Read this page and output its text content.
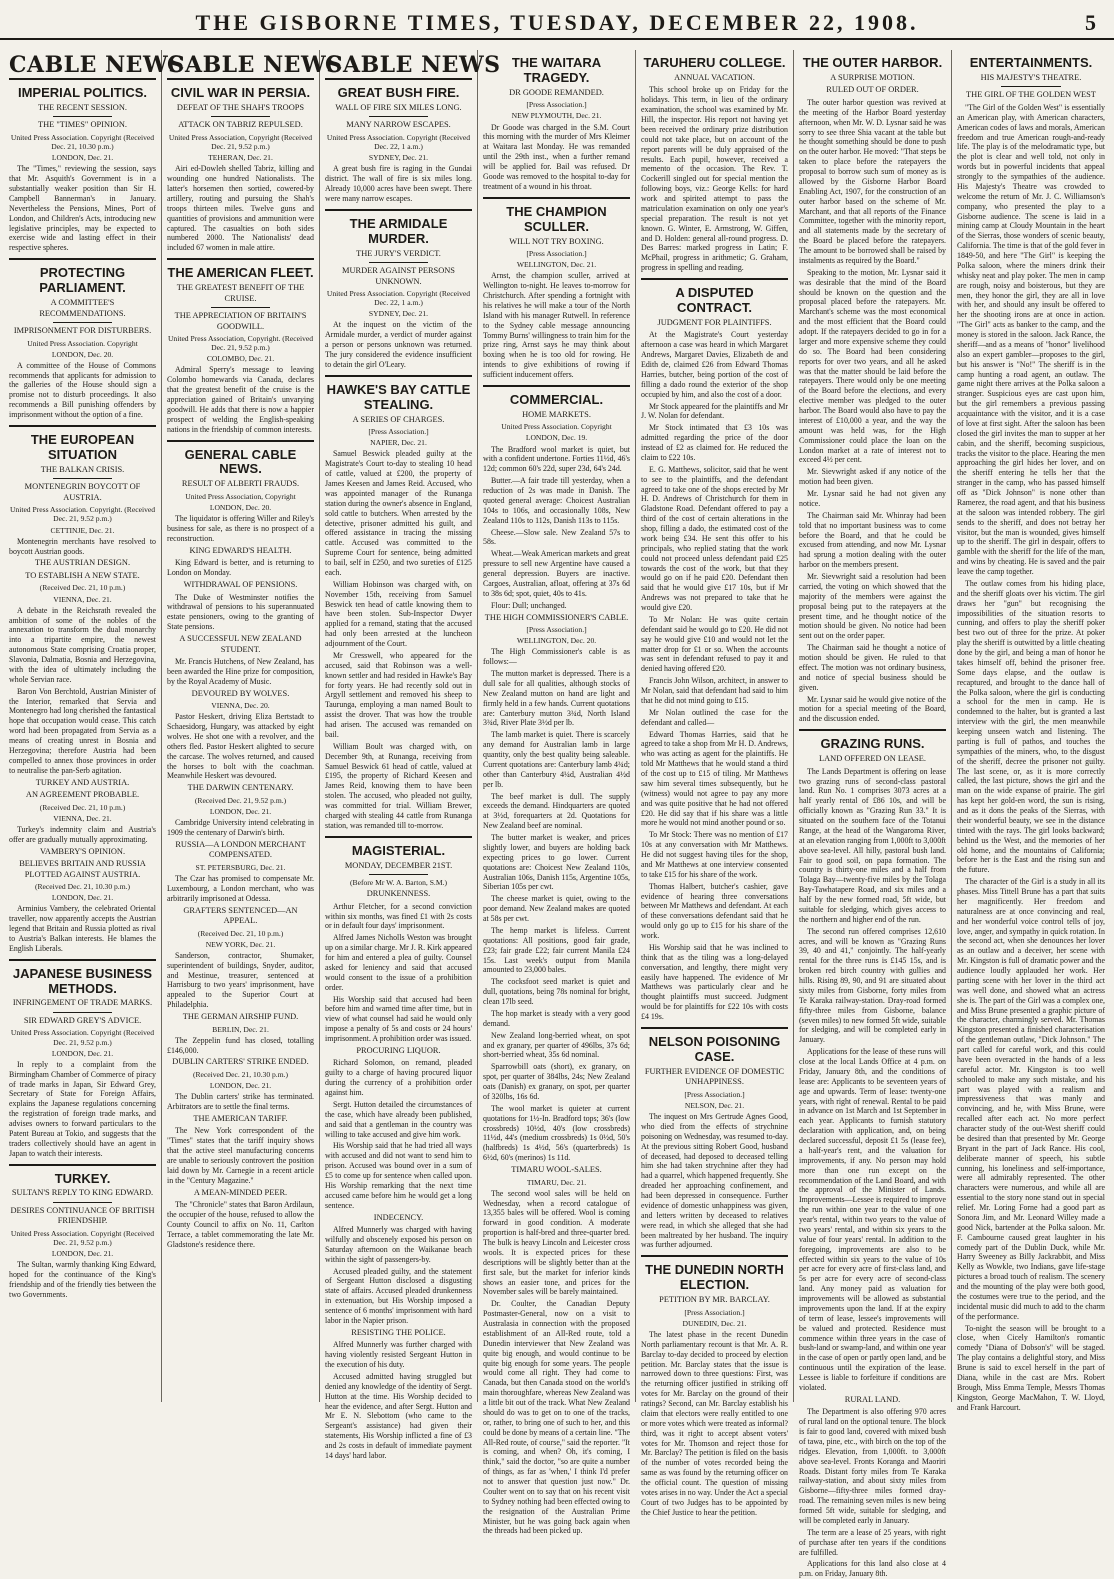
THE GISBORNE TIMES, TUESDAY, DECEMBER 22, 1908.	5
CABLE NEWS
IMPERIAL POLITICS.
THE RECENT SESSION.
THE "TIMES" OPINION.
United Press Association. Copyright (Received Dec. 21, 10.30 p.m.)
LONDON, Dec. 21.

The "Times," reviewing the session, says that Mr. Asquith's Government is in a substantially weaker position than Sir H. Campbell Bannerman's in January. Nevertheless the Pensions, Mines, Port of London, and Children's Acts, introducing new legislative principles, may be expected to exercise wide and lasting effect in their respective spheres.

PROTECTING PARLIAMENT.
A COMMITTEE'S RECOMMENDATIONS.
IMPRISONMENT FOR DISTURBERS.
United Press Association. Copyright
LONDON, Dec. 20.

A committee of the House of Commons recommends that applicants for admission to the galleries of the House should sign a promise not to disturb proceedings. It also recommends a Bill punishing offenders by imprisonment without the option of a fine.

THE EUROPEAN SITUATION
THE BALKAN CRISIS.
MONTENEGRIN BOYCOTT OF AUSTRIA.
United Press Association. Copyright. (Received Dec. 21, 9.52 p.m.)
CETTINJE, Dec. 21.

Montenegrin merchants have resolved to boycott Austrian goods.

THE AUSTRIAN DESIGN.
TO ESTABLISH A NEW STATE.
(Received Dec. 21, 10 p.m.)
VIENNA, Dec. 21.

A debate in the Reichsrath revealed the ambition of some of the nobles of the annexation to transform the dual monarchy into a tripartite empire, the newest autonomous State comprising Croatia proper, Slavonia, Dalmatia, Bosnia and Herzegovina, with the idea of ultimately including the whole Servian race.

Baron Von Berchtold, Austrian Minister of the Interior, remarked that Servia and Montenegro had long cherished the fantastical hope that occupation would cease. This catch word had been propagated from Servia as a means of creating unrest in Bosnia and Herzegovina; therefore Austria had been compelled to annex those provinces in order to neutralise the pan-Serb agitation.

TURKEY AND AUSTRIA.
AN AGREEMENT PROBABLE.
(Received Dec. 21, 10 p.m.)
VIENNA, Dec. 21.

Turkey's indemnity claim and Austria's offer are gradually mutually approximating.

VAMBERY'S OPINION.
BELIEVES BRITAIN AND RUSSIA PLOTTED AGAINST AUSTRIA.
(Received Dec. 21, 10.30 p.m.)
LONDON, Dec. 21.

Arminius Vambery, the celebrated Oriental traveller, now apparently accepts the Austrian legend that Britain and Russia plotted as rival to Austria's Balkan interests. He blames the English Liberals.

JAPANESE BUSINESS METHODS.
INFRINGEMENT OF TRADE MARKS.
SIR EDWARD GREY'S ADVICE.
United Press Association. Copyright (Received Dec. 21, 9.52 p.m.)
LONDON, Dec. 21.

In reply to a complaint from the Birmingham Chamber of Commerce of piracy of trade marks in Japan, Sir Edward Grey, Secretary of State for Foreign Affairs, explains the Japanese regulations concerning the registration of foreign trade marks, and advises owners to forward particulars to the Patent Bureau at Tokio, and suggests that the traders collectively should have an agent in Japan to watch their interests.

TURKEY.
SULTAN'S REPLY TO KING EDWARD.
DESIRES CONTINUANCE OF BRITISH FRIENDSHIP.
United Press Association. Copyright (Received Dec. 21, 9.52 p.m.)
LONDON, Dec. 21.

The Sultan, warmly thanking King Edward, hoped for the continuance of the King's friendship and of the friendly ties between the two Governments.

CABLE NEWS
CIVIL WAR IN PERSIA.
DEFEAT OF THE SHAH'S TROOPS
ATTACK ON TABRIZ REPULSED.
United Press Association, Copyright (Received Dec. 21, 9.52 p.m.)
TEHERAN, Dec. 21.

Airi ed-Dowleh shelled Tabriz, killing and wounding one hundred Nationalists. The latter's horsemen then sortied, cowered-by artillery, routing and pursuing the Shah's troops thirteen miles. Twelve guns and quantities of provisions and ammunition were captured. The casualties on both sides numbered 2000. The Nationalists' dead included 67 women in male attire.

THE AMERICAN FLEET.
THE GREATEST BENEFIT OF THE CRUISE.
THE APPRECIATION OF BRITAIN'S GOODWILL.
United Press Association, Copyright. (Received Dec. 21, 9.52 p.m.)
COLOMBO, Dec. 21.

Admiral Sperry's message to leaving Colombo homewards via Canada, declares that the greatest benefit of the cruise is the appreciation gained of Britain's unvarying goodwill. He adds that there is now a happier prospect of welding the English-speaking nations in the friendship of common interests.

GENERAL CABLE NEWS.
RESULT OF ALBERTI FRAUDS.
United Press Association, Copyright
LONDON, Dec. 20.

The liquidator is offering Willer and Riley's business for sale, as there is no prospect of a reconstruction.

KING EDWARD'S HEALTH.

King Edward is better, and is returning to London on Monday.

WITHDRAWAL OF PENSIONS.

The Duke of Westminster notifies the withdrawal of pensions to his superannuated estate pensioners, owing to the granting of State pensions.

A SUCCESSFUL NEW ZEALAND STUDENT.

Mr. Francis Hutchens, of New Zealand, has been awarded the Hine prize for composition, by the Royal Academy of Music.

DEVOURED BY WOLVES.
VIENNA, Dec. 20.

Pastor Heskert, driving Eliza Bertstadt to Schaesidorg, Hungary, was attacked by eight wolves. He shot one with a revolver, and the others fled. Pastor Heskert alighted to secure the carcase. The wolves returned, and caused the horses to bolt with the coachman. Meanwhile Heskert was devoured.

THE DARWIN CENTENARY.
(Received Dec. 21, 9.52 p.m.)
LONDON, Dec. 21.

Cambridge University intend celebrating in 1909 the centenary of Darwin's birth.

RUSSIA—A LONDON MERCHANT COMPENSATED.
ST. PETERSBURG, Dec. 21.

The Czar has promised to compensate Mr. Luxembourg, a London merchant, who was arbitrarily imprisoned at Odessa.

GRAFTERS SENTENCED—AN APPEAL.
(Received Dec. 21, 10 p.m.)
NEW YORK, Dec. 21.

Sanderson, contractor, Shumaker, superintendent of buildings, Snyder, auditor, and Mestinue, treasurer, sentenced at Harrisburg to two years' imprisonment, have appealed to the Superior Court at Philadelphia.

THE GERMAN AIRSHIP FUND.
BERLIN, Dec. 21.

The Zeppelin fund has closed, totalling £146,000.

DUBLIN CARTERS' STRIKE ENDED.
(Received Dec. 21, 10.30 p.m.)
LONDON, Dec. 21.

The Dublin carters' strike has terminated. Arbitrators are to settle the final terms.

THE AMERICAN TARIFF.

The New York correspondent of the "Times" states that the tariff inquiry shows that the active steel manufacturing concerns are unable to seriously controvert the position laid down by Mr. Carnegie in a recent article in the "Century Magazine."

A MEAN-MINDED PEER.

The "Chronicle" states that Baron Ardilaun, the occupier of the house, refused to allow the County Council to affix on No. 11, Carlton Terrace, a tablet commemorating the late Mr. Gladstone's residence there.

CABLE NEWS
GREAT BUSH FIRE.
WALL OF FIRE SIX MILES LONG.
MANY NARROW ESCAPES.
United Press Association. Copyright (Received Dec. 22, 1 a.m.)
SYDNEY, Dec. 21.

A great bush fire is raging in the Gundai district. The wall of fire is six miles long. Already 10,000 acres have been swept. There were many narrow escapes.

THE ARMIDALE MURDER.
THE JURY'S VERDICT.
MURDER AGAINST PERSONS UNKNOWN.
United Press Association. Copyright (Received Dec. 22, 1 a.m.)
SYDNEY, Dec. 21.

At the inquest on the victim of the Armidale murder, a verdict of murder against a person or persons unknown was returned. The jury considered the evidence insufficient to detain the girl O'Leary.

HAWKE'S BAY CATTLE STEALING.
A SERIES OF CHARGES.
[Press Association.]
NAPIER, Dec. 21.

Samuel Beswick pleaded guilty at the Magistrate's Court to-day to stealing 10 head of cattle, valued at £200, the property of James Keesen and James Reid. Accused, who was appointed manager of the Runanga station during the owner's absence in England, sold cattle to butchers. When arrested by the detective, prisoner admitted his guilt, and offered assistance in tracing the missing cattle. Accused was committed to the Supreme Court for sentence, being admitted to bail, self in £250, and two sureties of £125 each.

William Hobinson was charged with, on November 15th, receiving from Samuel Beswick ten head of cattle knowing them to have been stolen. Sub-Inspector Dwyer applied for a remand, stating that the accused had only been arrested at the luncheon adjournment of the Court.

Mr Cresswell, who appeared for the accused, said that Robinson was a well-known settler and had resided in Hawke's Bay for forty years. He had recently sold out in Argyll settlement and removed his sheep to Taurunga, employing a man named Boult to assist the drover. That was how the trouble had arisen. The accused was remanded on bail.

William Boult was charged with, on December 9th, at Runanga, receiving from Samuel Beswick 61 head of cattle, valued at £195, the property of Richard Keesen and James Reid, knowing them to have been stolen. The accused, who pleaded not guilty, was committed for trial. William Brewer, charged with stealing 44 cattle from Runanga station, was remanded till to-morrow.

MAGISTERIAL.
MONDAY, DECEMBER 21ST.
(Before Mr W. A. Barton, S.M.)
DRUNKENNESS.

Arthur Fletcher, for a second conviction within six months, was fined £1 with 2s costs or in default four days' imprisonment.

Alfred James Nicholls Weston was brought up on a similar charge. Mr J. R. Kirk appeared for him and entered a plea of guilty. Counsel asked for leniency and said that accused would consent to the issue of a prohibition order.

His Worship said that accused had been before him and warned time after time, but in view of what counsel had said he would only impose a penalty of 5s and costs or 24 hours' imprisonment. A prohibition order was issued.

PROCURING LIQUOR.

Richard Solomon, on remand, pleaded guilty to a charge of having procured liquor during the currency of a prohibition order against him.

Sergt. Hutton detailed the circumstances of the case, which have already been published, and said that a gentleman in the country was willing to take accused and give him work.

His Worship said that he had tried all ways with accused and did not want to send him to prison. Accused was bound over in a sum of £5 to come up for sentence when called upon. His Worship remarking that the next time accused came before him he would get a long sentence.

INDECENCY.

Alfred Munnerly was charged with having wilfully and obscenely exposed his person on Saturday afternoon on the Waikanae beach within the sight of passengers-by.

Accused pleaded guilty, and the statement of Sergeant Hutton disclosed a disgusting state of affairs. Accused pleaded drunkenness in extenuation, but His Worship imposed a sentence of 6 months' imprisonment with hard labor in the Napier prison.

RESISTING THE POLICE.

Alfred Munnerly was further charged with having violently resisted Sergeant Hutton in the execution of his duty.

Accused admitted having struggled but denied any knowledge of the identity of Sergt. Hutton at the time. His Worship decided to hear the evidence, and after Sergt. Hutton and Mr E. N. Slebottom (who came to the Sergeant's assistance) had given their statements, His Worship inflicted a fine of £3 and 2s costs in default of immediate payment 14 days' hard labor.

THE WAITARA TRAGEDY.
DR GOODE REMANDED.
[Press Association.]
NEW PLYMOUTH, Dec. 21.

Dr Goode was charged in the S.M. Court this morning with the murder of Mrs Kleimer at Waitara last Monday. He was remanded until the 29th inst., when a further remand will be applied for. Bail was refused. Dr Goode was removed to the hospital to-day for treatment of a wound in his throat.

THE CHAMPION SCULLER.
WILL NOT TRY BOXING.
[Press Association.]
WELLINGTON, Dec. 21.

Arnst, the champion sculler, arrived at Wellington to-night. He leaves to-morrow for Christchurch. After spending a fortnight with his relatives he will make a tour of the North Island with his manager Rutwell. In reference to the Sydney cable message announcing Tommy Burns' willingness to train him for the prize ring, Arnst says he may think about boxing when he is too old for rowing. He intends to give exhibitions of rowing if sufficient inducement offers.

COMMERCIAL.
HOME MARKETS.
United Press Association. Copyright
LONDON, Dec. 19.

The Bradford wool market is quiet, but with a confident undertone. Forties 11½d, 46's 12d; common 60's 22d, super 23d, 64's 24d.

Butter.—A fair trade till yesterday, when a reduction of 2s was made in Danish. The quoted general average: Choicest Australian 104s to 106s, and occasionally 108s, New Zealand 110s to 112s, Danish 113s to 115s.

Cheese.—Slow sale. New Zealand 57s to 58s.

Wheat.—Weak American markets and great pressure to sell new Argentine have caused a general depression. Buyers are inactive. Cargoes, Australian, afloat, offering at 37s 6d to 38s 6d; spot, quiet, 40s to 41s.

Flour: Dull; unchanged.

THE HIGH COMMISSIONER'S CABLE.
[Press Association.]
WELLINGTON, Dec. 20.

The High Commissioner's cable is as follows:—

The mutton market is depressed. There is a dull sale for all qualities, although stocks of New Zealand mutton on hand are light and firmly held in a few hands. Current quotations are: Canterbury mutton 3¾d, North Island 3¾d, River Plate 3½d per lb.

The lamb market is quiet. There is scarcely any demand for Australian lamb in large quantity, only the best quality being saleable. Current quotations are: Canterbury lamb 4¾d; other than Canterbury 4¼d, Australian 4½d per lb.

The beef market is dull. The supply exceeds the demand. Hindquarters are quoted at 3½d, forequarters at 2d. Quotations for New Zealand beef are nominal.

The butter market is weaker, and prices slightly lower, and buyers are holding back expecting prices to go lower. Current quotations are: Choicest New Zealand 110s, Australian 106s, Danish 115s, Argentine 105s, Siberian 105s per cwt.

The cheese market is quiet, owing to the poor demand. New Zealand makes are quoted at 58s per cwt.

The hemp market is lifeless. Current quotations: All positions, good fair grade, £23; fair grade £22; fair current Manila £24 15s. Last week's output from Manila amounted to 23,000 bales.

The cocksfoot seed market is quiet and dull, quotations, being 78s nominal for bright, clean 17lb seed.

The hop market is steady with a very good demand.

New Zealand long-berried wheat, on spot and ex granary, per quarter of 496lbs, 37s 6d; short-berried wheat, 35s 6d nominal.

Sparrowbill oats (short), ex granary, on spot, per quarter of 384lbs, 24s; New Zealand oats (Danish) ex granary, on spot, per quarter of 320lbs, 16s 6d.

The wool market is quieter at current quotations for 1½-In. Bradford tops; 36's (low crossbreds) 10½d, 40's (low crossbreds) 11½d, 44's (medium crossbreds) 1s 0½d, 50's (halfbreds) 1s 4½d, 56's (quarterbreds) 1s 6½d, 60's (merinos) 1s 11d.

TIMARU WOOL-SALES.
TIMARU, Dec. 21.

The second wool sales will be held on Wednesday, when a record catalogue of 13,355 bales will be offered. Wool is coming forward in good condition. A moderate proportion is half-bred and three-quarter bred. The bulk is heavy Lincoln and Leicester cross wools. It is expected prices for these descriptions will be slightly better than at the first sale, but the market for inferior kinds shows an easier tone, and prices for the November sales will be barely maintained.

Dr. Coulter, the Canadian Deputy Postmaster-General, now on a visit to Australasia in connection with the proposed establishment of an All-Red route, told a Dunedin interviewer that New Zealand was quite big enough, and would continue to be quite big enough for some years. The people would come all right. They had come to Canada, but then Canada stood on the world's main thoroughfare, whereas New Zealand was a little bit out of the track. What New Zealand should do was to get on to one of the tracks, or, rather, to bring one of such to her, and this could be done by means of a certain line. "The All-Red route, of course," said the reporter. "It is coming, and when? Oh, it's coming, I think," said the doctor, "so are quite a number of things, as far as 'when,' I think I'd prefer not to answer that question just now." Dr. Coulter went on to say that on his recent visit to Sydney nothing had been effected owing to the resignation of the Australian Prime Minister, but he was going back again when the threads had been picked up.

TARUHERU COLLEGE.
ANNUAL VACATION.

This school broke up on Friday for the holidays. This term, in lieu of the ordinary examination, the school was examined by Mr. Hill, the inspector. His report not having yet been received the ordinary prize distribution could not take place, but on account of the report parents will be duly appraised of the results. Each pupil, however, received a memento of the occasion. The Rev. T. Cockerill singled out for special mention the following boys, viz.: George Kells: for hard work and spirited attempt to pass the matriculation examination on only one year's special preparation. The result is not yet known. G. Winter, E. Armstrong, W. Giffen, and D. Holden: general all-round progress. D. Des Barres: marked progress in Latin; F. McPhail, progress in arithmetic; G. Graham, progress in spelling and reading.

A DISPUTED CONTRACT.
JUDGMENT FOR PLAINTIFFS.

At the Magistrate's Court yesterday afternoon a case was heard in which Margaret Andrews, Margaret Davies, Elizabeth de and Edith de, claimed £26 from Edward Thomas Harries, butcher, being portion of the cost of filling a dado round the exterior of the shop occupied by him, and also the cost of a door.

Mr Stock appeared for the plaintiffs and Mr J. W. Nolan for defendant.

Mr Stock intimated that £3 10s was admitted regarding the price of the door instead of £2 as claimed for. He reduced the claim to £22 10s.

E. G. Matthews, solicitor, said that he went to see to the plaintiffs, and the defendant agreed to take one of the shops erected by Mr H. D. Andrews of Christchurch for them in Gladstone Road. Defendant offered to pay a third of the cost of certain alterations in the shop, filling a dado, the estimated cost of the work being £34. He sent this offer to his principals, who replied stating that the work could not proceed unless defendant paid £25 towards the cost of the work, but that they would go on if he paid £20. Defendant then said that he would give £17 10s, but if Mr Andrews was not prepared to take that he would give £20.

To Mr Nolan: He was quite certain defendant said he would go to £20. He did not say he would give £10 and would not let the matter drop for £1 or so. When the accounts was sent in defendant refused to pay it and denied having offered £20.

Francis John Wilson, architect, in answer to Mr Nolan, said that defendant had said to him that he did not mind going to £15.

Mr Nolan outlined the case for the defendant and called—

Edward Thomas Harries, said that he agreed to take a shop from Mr H. D. Andrews, who was acting as agent for the plaintiffs. He told Mr Matthews that he would stand a third of the cost up to £15 of tiling. Mr Matthews saw him several times subsequently, but he (witness) would not agree to pay any more and was quite positive that he had not offered £20. He did say that if his share was a little more he would not mind another pound or so.

To Mr Stock: There was no mention of £17 10s at any conversation with Mr Matthews. He did not suggest having tiles for the shop, and Mr Matthews at one interview consented to take £15 for his share of the work.

Thomas Halbert, butcher's cashier, gave evidence of hearing three conversations between Mr Matthews and defendant. At each of these conversations defendant said that he would only go up to £15 for his share of the work.

His Worship said that he was inclined to think that as the tiling was a long-delayed conversation, and lengthy, there might very easily have happened. The evidence of Mr Matthews was particularly clear and he thought plaintiffs must succeed. Judgment would be for plaintiffs for £22 10s with costs £4 19s.

NELSON POISONING CASE.
FURTHER EVIDENCE OF DOMESTIC UNHAPPINESS.
[Press Association.]
NELSON, Dec. 21.

The inquest on Mrs Gertrude Agnes Good, who died from the effects of strychnine poisoning on Wednesday, was resumed to-day. At the previous sitting Robert Good, husband of deceased, had deposed to deceased telling him she had taken strychnine after they had had a quarrel, which happened frequently. She dreaded her approaching confinement, and had been depressed in consequence. Further evidence of domestic unhappiness was given, and letters written by deceased to relatives were read, in which she alleged that she had been maltreated by her husband. The inquiry was further adjourned.

THE DUNEDIN NORTH ELECTION.
PETITION BY MR. BARCLAY.
[Press Association.]
DUNEDIN, Dec. 21.

The latest phase in the recent Dunedin North parliamentary recount is that Mr. A. R. Barclay to-day decided to proceed by election petition. Mr. Barclay states that the issue is narrowed down to three questions: First, was the returning officer justified in striking off votes for Mr. Barclay on the ground of their ratings? Second, can Mr. Barclay establish his claim that electors were really entitled to one or more votes which were treated as informal? third, was it right to accept absent voters' votes for Mr. Thomson and reject those for Mr. Barclay? The petition is filed on the basis of the number of votes recorded being the same as was found by the returning officer on the official count. The question of missing votes arises in no way. Under the Act a special Court of two Judges has to be appointed by the Chief Justice to hear the petition.

THE OUTER HARBOR.
A SURPRISE MOTION.
RULED OUT OF ORDER.

The outer harbor question was revived at the meeting of the Harbor Board yesterday afternoon, when Mr. W. D. Lysnar said he was sorry to see three Shia vacant at the table but he thought something should be done to push on the outer harbor. He moved: "That steps be taken to place before the ratepayers the proposal to borrow such sum of money as is allowed by the Gisborne Harbor Board Enabling Act, 1907, for the construction of an outer harbor based on the scheme of Mr. Marchant, and that all reports of the Finance Committee, together with the minority report, and all statements made by the secretary of the Board be placed before the ratepayers. The amount to be borrowed shall be raised by instalments as required by the Board."

Speaking to the motion, Mr. Lysnar said it was desirable that the mind of the Board should be known on the question and the proposal placed before the ratepayers. Mr. Marchant's scheme was the most economical and the most efficient that the Board could adopt. If the ratepayers decided to go in for a larger and more expensive scheme they could do so. The Board had been considering reports for over two years, and all he asked was that the matter should be laid before the ratepayers. There would only be one meeting of the Board before the elections, and every elective member was pledged to the outer harbor. The Board would also have to pay the interest of £10,000 a year, and the way the amount was held was, for the High Commissioner could place the loan on the London market at a rate of interest not to exceed 4½ per cent.

Mr. Sievwright asked if any notice of the motion had been given.

Mr. Lysnar said he had not given any notice.

The Chairman said Mr. Whinray had been told that no important business was to come before the Board, and that he could be excused from attending, and now Mr. Lysnar had sprung a motion dealing with the outer harbor on the members present.

Mr. Sievwright said a resolution had been carried, the voting on which showed that the majority of the members were against the proposal being put to the ratepayers at the present time, and he thought notice of the motion should be given. No notice had been sent out on the order paper.

The Chairman said he thought a notice of motion should be given. He ruled to that effect. The motion was not ordinary business, and notice of special business should be given.

Mr. Lysnar said he would give notice of the motion for a special meeting of the Board, and the discussion ended.

GRAZING RUNS.
LAND OFFERED ON LEASE.

The Lands Department is offering on lease two grazing runs of second-class pastoral land. Run No. 1 comprises 3073 acres at a half yearly rental of £86 10s, and will be officially known as "Grazing Run 33." It is situated on the southern face of the Totanui Range, at the head of the Wangaroma River, at an elevation ranging from 1,000ft to 3,000ft above sea-level. All hilly, pastoral bush land. Fair to good soil, on papa formation. The country is thirty-one miles and a half from Tolaga Bay—twenty-five miles by the Tolaga Bay-Tawhatapere Road, and six miles and a half by the new formed road, 5ft wide, but suitable for sledging, which gives access to the northern and higher end of the run.

The second run offered comprises 12,610 acres, and will be known as "Grazing Runs 39, 40 and 41," conjointly. The half-yearly rental for the three runs is £145 15s, and is broken red birch country with gullies and hills. Rising 89, 90, and 91 are situated about sixty miles from Gisborne, forty miles from Te Karaka railway-station. Dray-road formed fifty-three miles from Gisborne, balance (seven miles) to new formed 5ft wide, suitable for sledging, and will be completed early in January.

Applications for the lease of these runs will close at the local Lands Office at 4 p.m. on Friday, January 8th, and the conditions of lease are: Applicants to be seventeen years of age and upwards. Term of lease: twenty-one years, with right of renewal. Rental to be paid in advance on 1st March and 1st September in each year. Applicants to furnish statutory declaration with application, and, on being declared successful, deposit £1 5s (lease fee), a half-year's rent, and the valuation for improvements, if any. No person may hold more than one run except on the recommendation of the Land Board, and with the approval of the Minister of Lands. Improvements—Lessee is required to improve the run within one year to the value of one year's rental, within two years to the value of two years' rental, and within six years to the value of four years' rental. In addition to the foregoing, improvements are also to be effected within six years to the value of 10s per acre for every acre of first-class land, and 5s per acre for every acre of second-class land. Any money paid as valuation for improvements will be allowed as substantial improvements upon the land. If at the expiry of term of lease, lessee's improvements will be valued and protected. Residence must commence within three years in the case of bush-land or swamp-land, and within one year in the case of open or partly open land, and be continuous until the expiration of the lease. Lessee is liable to forfeiture if conditions are violated.

RURAL LAND.

The Department is also offering 970 acres of rural land on the optional tenure. The block is fair to good land, covered with mixed bush of tawa, pine, etc., with birch on the top of the ridges. Elevation, from 1,000ft. to 3,000ft above sea-level. Fronts Koranga and Maoriri Roads. Distant forty miles from Te Karaka railway-station, and about sixty miles from Gisborne—fifty-three miles formed dray-road. The remaining seven miles is new being formed 5ft wide, suitable for sledging, and will be completed early in January.

The term are a lease of 25 years, with right of purchase after ten years if the conditions are fulfilled.

Applications for this land also close at 4 p.m. on Friday, January 8th.

ENTERTAINMENTS.
HIS MAJESTY'S THEATRE.
THE GIRL OF THE GOLDEN WEST

"The Girl of the Golden West" is essentially an American play, with American characters, American codes of laws and morals, American freedom and true American rough-and-ready life. The play is of the melodramatic type, but the plot is clear and well told, not only in words but in powerful incidents that appeal strongly to the sympathies of the audience. His Majesty's Theatre was crowded to welcome the return of Mr. J. C. Williamson's company, who presented the play to a Gisborne audience. The scene is laid in a mining camp at Cloudy Mountain in the heart of the Sierras, those wonders of scenic beauty, California. The time is that of the gold fever in 1849-50, and here "The Girl" is keeping the Polka saloon, where the miners drink their whisky neat and play poker. The men in camp are rough, noisy and boisterous, but they are men, they honor the girl, they are all in love with her, and should any insult be offered to her the shooting irons are at once in action. "The Girl" acts as banker to the camp, and the money is stored in the saloon. Jack Rance, the sheriff—and as a means of "honor" livelihood also an expert gambler—proposes to the girl, but his answer is "No!" The sheriff is in the camp hunting a road agent, an outlaw. The game night there arrives at the Polka saloon a stranger. Suspicious eyes are cast upon him, but the girl remembers a previous passing acquaintance with the visitor, and it is a case of love at first sight. After the saloon has been closed the girl invites the man to supper at her cabin, and the sheriff, becoming suspicious, tracks the visitor to the place. Hearing the men approaching the girl hides her lover, and on the sheriff entering he tells her that the stranger in the camp, who has passed himself off as "Dick Johnson" is none other than Ramerez, the road agent, and that his business at the saloon was intended robbery. The girl sends to the sheriff, and does not betray her visitor, but the man is wounded, gives himself up to the sheriff. The girl in despair, offers to gamble with the sheriff for the life of the man, and wins by cheating. He is saved and the pair leave the camp together.

The outlaw comes from his hiding place, and the sheriff gloats over his victim. The girl draws her "gun" but recognising the impossibilities of the situation resorts to cunning, and offers to play the sheriff poker best two out of three for the prize. At poker play the sheriff is outwitted by a little cheating done by the girl, and being a man of honor he takes himself off, behind the prisoner free. Some days elapse, and the outlaw is recaptured, and brought to the dance hall of the Polka saloon, where the girl is conducting a school for the men in camp. He is condemned to the halter, but is granted a last interview with the girl, the men meanwhile keeping unseen watch and listening. The parting is full of pathos, and touches the sympathies of the miners, who, to the disgust of the sheriff, decree the prisoner not guilty. The last scene, or, as it is more correctly called, the last picture, shows the girl and the man on the wide expanse of prairie. The girl has kept her gold-en word, the sun is rising, and as it dons the peaks of the Sierras, with their wonderful beauty, we see in the distance tinted with the rays. The girl looks backward; behind us the West, and the memories of her old home, and the mountains of California; before her is the East and the rising sun and the future.

The character of the Girl is a study in all its phases. Miss Tittell Brune has a part that suits her magnificently. Her freedom and naturalness are at once convincing and real, and her wonderful voice control tells of joy, love, anger, and sympathy in quick rotation. In the second act, when she denounces her lover as an outlaw and a deceiver, her scene with Mr. Kingston is full of dramatic power and the audience loudly applauded her work. Her parting scene with her lover in the third act was well done, and showed what an actress she is. The part of the Girl was a complex one, and Miss Brune presented a graphic picture of the character, charmingly served. Mr. Thomas Kingston presented a finished characterisation of the gentleman outlaw, "Dick Johnson." The part called for careful work, and this could have been overacted in the hands of a less careful actor. Mr. Kingston is too well schooled to make any such mistake, and his part was played with a realism and impressiveness that was manly and convincing, and he, with Miss Brune, were recalled after each act. No more perfect character study of the out-West sheriff could be desired than that presented by Mr. George Bryant in the part of Jack Rance. His cool, deliberate manner of speech, his subtle cunning, his loneliness and self-importance, were all admirably represented. The other characters were numerous, and while all are essential to the story none stand out in special relief. Mr. Loring Forne had a good part as Sonora Jim, and Mr. Leonard Willey made a good Nick, bartender at the Polka saloon. Mr. F. Cambourne caused great laughter in his comedy part of the Dublin Duck, while Mr. Harry Sweeney as Billy Jackrabbit, and Miss Kelly as Wowkle, two Indians, gave life-stage pictures a broad touch of realism. The scenery and the mounting of the play were both good, the costumes were true to the period, and the incidental music did much to add to the charm of the performance.

To-night the season will be brought to a close, when Cicely Hamilton's romantic comedy "Diana of Dobson's" will be staged. The play contains a delightful story, and Miss Brune is said to excel herself in the part of Diana, while in the cast are Mrs. Robert Brough, Miss Emma Temple, Messrs Thomas Kingston, George MacMahon, T. W. Lloyd, and Frank Harcourt.
